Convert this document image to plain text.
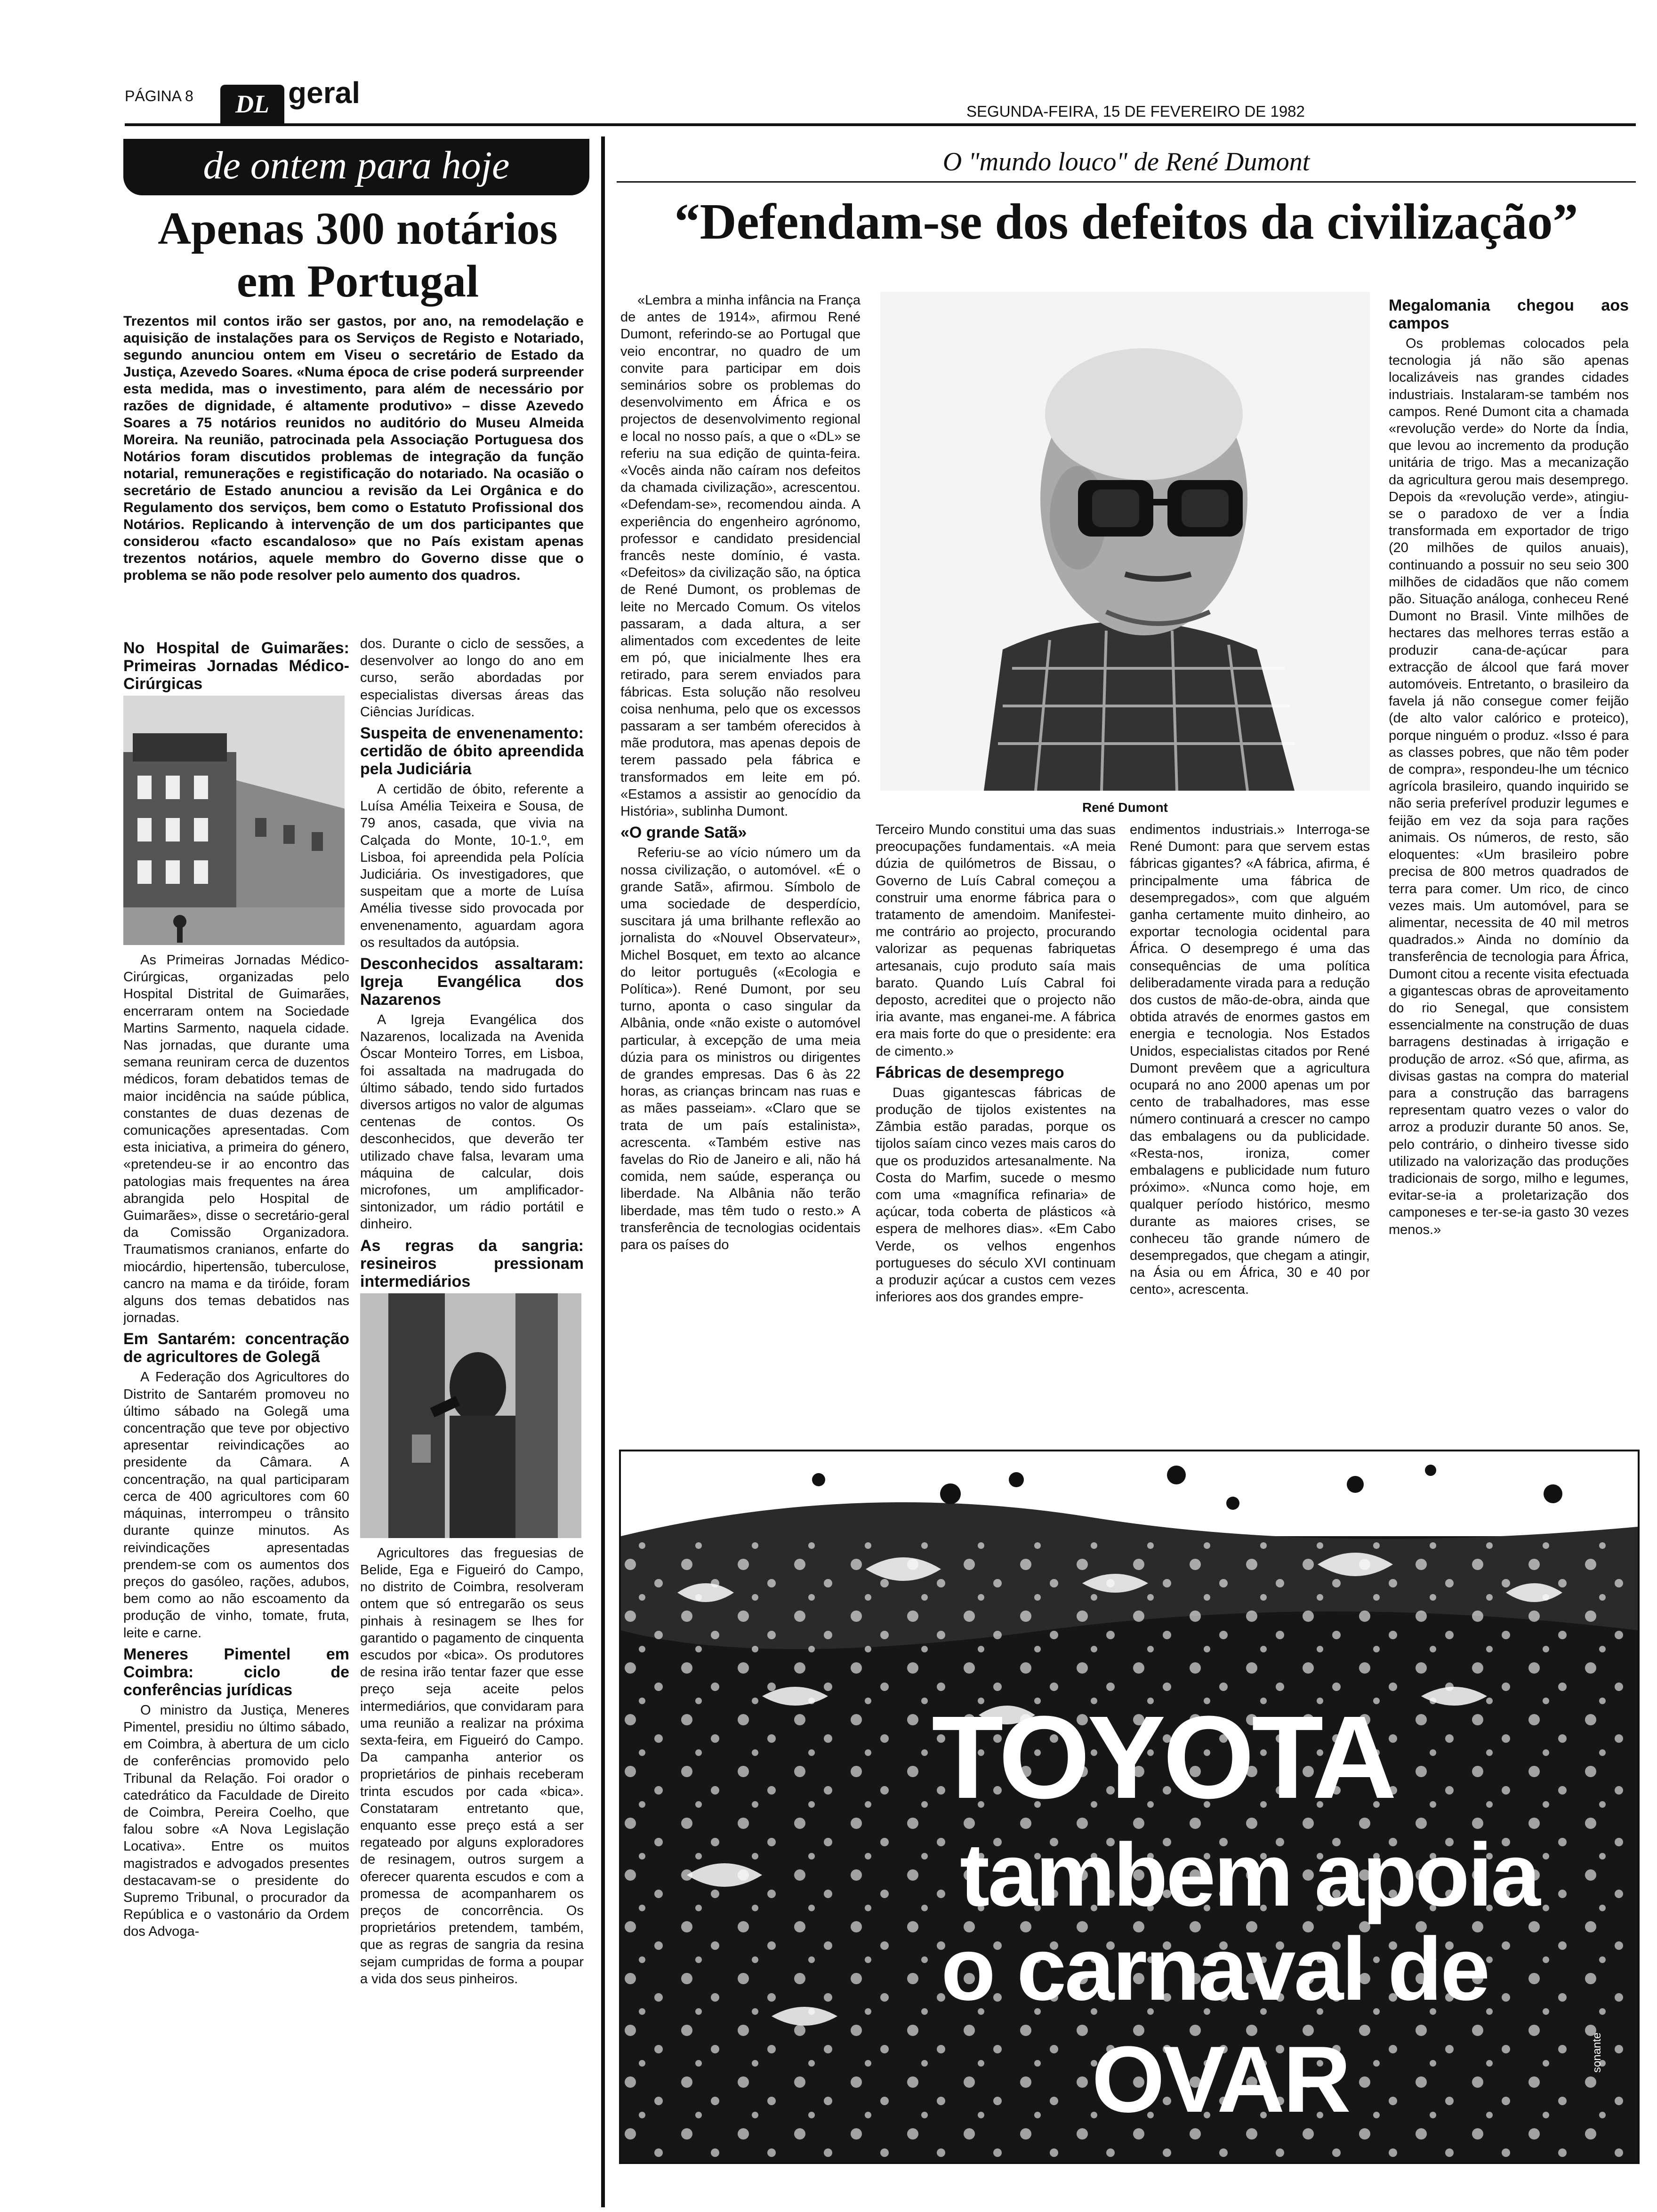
PÁGINA 8	DL geral
SEGUNDA-FEIRA, 15 DE FEVEREIRO DE 1982
de ontem para hoje
Apenas 300 notários em Portugal
Trezentos mil contos irão ser gastos, por ano, na remodelação e aquisição de instalações para os Serviços de Registo e Notariado, segundo anunciou ontem em Viseu o secretário de Estado da Justiça, Azevedo Soares. «Numa época de crise poderá surpreender esta medida, mas o investimento, para além de necessário por razões de dignidade, é altamente produtivo» – disse Azevedo Soares a 75 notários reunidos no auditório do Museu Almeida Moreira. Na reunião, patrocinada pela Associação Portuguesa dos Notários foram discutidos problemas de integração da função notarial, remunerações e registificação do notariado. Na ocasião o secretário de Estado anunciou a revisão da Lei Orgânica e do Regulamento dos serviços, bem como o Estatuto Profissional dos Notários. Replicando à intervenção de um dos participantes que considerou «facto escandaloso» que no País existam apenas trezentos notários, aquele membro do Governo disse que o problema se não pode resolver pelo aumento dos quadros.
No Hospital de Guimarães: Primeiras Jornadas Médico-Cirúrgicas

As Primeiras Jornadas Médico-Cirúrgicas, organizadas pelo Hospital Distrital de Guimarães, encerraram ontem na Sociedade Martins Sarmento, naquela cidade. Nas jornadas, que durante uma semana reuniram cerca de duzentos médicos, foram debatidos temas de maior incidência na saúde pública, constantes de duas dezenas de comunicações apresentadas. Com esta iniciativa, a primeira do género, «pretendeu-se ir ao encontro das patologias mais frequentes na área abrangida pelo Hospital de Guimarães», disse o secretário-geral da Comissão Organizadora. Traumatismos cranianos, enfarte do miocárdio, hipertensão, tuberculose, cancro na mama e da tiróide, foram alguns dos temas debatidos nas jornadas.

Em Santarém: concentração de agricultores de Golegã

A Federação dos Agricultores do Distrito de Santarém promoveu no último sábado na Golegã uma concentração que teve por objectivo apresentar reivindicações ao presidente da Câmara. A concentração, na qual participaram cerca de 400 agricultores com 60 máquinas, interrompeu o trânsito durante quinze minutos. As reivindicações apresentadas prendem-se com os aumentos dos preços do gasóleo, rações, adubos, bem como ao não escoamento da produção de vinho, tomate, fruta, leite e carne.

Meneres Pimentel em Coimbra: ciclo de conferências jurídicas

O ministro da Justiça, Meneres Pimentel, presidiu no último sábado, em Coimbra, à abertura de um ciclo de conferências promovido pelo Tribunal da Relação. Foi orador o catedrático da Faculdade de Direito de Coimbra, Pereira Coelho, que falou sobre «A Nova Legislação Locativa». Entre os muitos magistrados e advogados presentes destacavam-se o presidente do Supremo Tribunal, o procurador da República e o vastonário da Ordem dos Advoga-

dos. Durante o ciclo de sessões, a desenvolver ao longo do ano em curso, serão abordadas por especialistas diversas áreas das Ciências Jurídicas.

Suspeita de envenenamento: certidão de óbito apreendida pela Judiciária

A certidão de óbito, referente a Luísa Amélia Teixeira e Sousa, de 79 anos, casada, que vivia na Calçada do Monte, 10-1.º, em Lisboa, foi apreendida pela Polícia Judiciária. Os investigadores, que suspeitam que a morte de Luísa Amélia tivesse sido provocada por envenenamento, aguardam agora os resultados da autópsia.

Desconhecidos assaltaram: Igreja Evangélica dos Nazarenos

A Igreja Evangélica dos Nazarenos, localizada na Avenida Óscar Monteiro Torres, em Lisboa, foi assaltada na madrugada do último sábado, tendo sido furtados diversos artigos no valor de algumas centenas de contos. Os desconhecidos, que deverão ter utilizado chave falsa, levaram uma máquina de calcular, dois microfones, um amplificador-sintonizador, um rádio portátil e dinheiro.

As regras da sangria: resineiros pressionam intermediários

Agricultores das freguesias de Belide, Ega e Figueiró do Campo, no distrito de Coimbra, resolveram ontem que só entregarão os seus pinhais à resinagem se lhes for garantido o pagamento de cinquenta escudos por «bica». Os produtores de resina irão tentar fazer que esse preço seja aceite pelos intermediários, que convidaram para uma reunião a realizar na próxima sexta-feira, em Figueiró do Campo. Da campanha anterior os proprietários de pinhais receberam trinta escudos por cada «bica». Constataram entretanto que, enquanto esse preço está a ser regateado por alguns exploradores de resinagem, outros surgem a oferecer quarenta escudos e com a promessa de acompanharem os preços de concorrência. Os proprietários pretendem, também, que as regras de sangria da resina sejam cumpridas de forma a poupar a vida dos seus pinheiros.

O "mundo louco" de René Dumont
“Defendam-se dos defeitos da civilização”

«Lembra a minha infância na França de antes de 1914», afirmou René Dumont, referindo-se ao Portugal que veio encontrar, no quadro de um convite para participar em dois seminários sobre os problemas do desenvolvimento em África e os projectos de desenvolvimento regional e local no nosso país, a que o «DL» se referiu na sua edição de quinta-feira. «Vocês ainda não caíram nos defeitos da chamada civilização», acrescentou. «Defendam-se», recomendou ainda. A experiência do engenheiro agrónomo, professor e candidato presidencial francês neste domínio, é vasta. «Defeitos» da civilização são, na óptica de René Dumont, os problemas de leite no Mercado Comum. Os vitelos passaram, a dada altura, a ser alimentados com excedentes de leite em pó, que inicialmente lhes era retirado, para serem enviados para fábricas. Esta solução não resolveu coisa nenhuma, pelo que os excessos passaram a ser também oferecidos à mãe produtora, mas apenas depois de terem passado pela fábrica e transformados em leite em pó. «Estamos a assistir ao genocídio da História», sublinha Dumont.

«O grande Satã»

Referiu-se ao vício número um da nossa civilização, o automóvel. «É o grande Satã», afirmou. Símbolo de uma sociedade de desperdício, suscitara já uma brilhante reflexão ao jornalista do «Nouvel Observateur», Michel Bosquet, em texto ao alcance do leitor português («Ecologia e Política»). René Dumont, por seu turno, aponta o caso singular da Albânia, onde «não existe o automóvel particular, à excepção de uma meia dúzia para os ministros ou dirigentes de grandes empresas. Das 6 às 22 horas, as crianças brincam nas ruas e as mães passeiam». «Claro que se trata de um país estalinista», acrescenta. «Também estive nas favelas do Rio de Janeiro e ali, não há comida, nem saúde, esperança ou liberdade. Na Albânia não terão liberdade, mas têm tudo o resto.» A transferência de tecnologias ocidentais para os países do

René Dumont

Terceiro Mundo constitui uma das suas preocupações fundamentais. «A meia dúzia de quilómetros de Bissau, o Governo de Luís Cabral começou a construir uma enorme fábrica para o tratamento de amendoim. Manifestei-me contrário ao projecto, procurando valorizar as pequenas fabriquetas artesanais, cujo produto saía mais barato. Quando Luís Cabral foi deposto, acreditei que o projecto não iria avante, mas enganei-me. A fábrica era mais forte do que o presidente: era de cimento.»

Fábricas de desemprego

Duas gigantescas fábricas de produção de tijolos existentes na Zâmbia estão paradas, porque os tijolos saíam cinco vezes mais caros do que os produzidos artesanalmente. Na Costa do Marfim, sucede o mesmo com uma «magnífica refinaria» de açúcar, toda coberta de plásticos «à espera de melhores dias». «Em Cabo Verde, os velhos engenhos portugueses do século XVI continuam a produzir açúcar a custos cem vezes inferiores aos dos grandes empre-

endimentos industriais.» Interroga-se René Dumont: para que servem estas fábricas gigantes? «A fábrica, afirma, é principalmente uma fábrica de desempregados», com que alguém ganha certamente muito dinheiro, ao exportar tecnologia ocidental para África. O desemprego é uma das consequências de uma política deliberadamente virada para a redução dos custos de mão-de-obra, ainda que obtida através de enormes gastos em energia e tecnologia. Nos Estados Unidos, especialistas citados por René Dumont prevêem que a agricultura ocupará no ano 2000 apenas um por cento de trabalhadores, mas esse número continuará a crescer no campo das embalagens ou da publicidade. «Resta-nos, ironiza, comer embalagens e publicidade num futuro próximo». «Nunca como hoje, em qualquer período histórico, mesmo durante as maiores crises, se conheceu tão grande número de desempregados, que chegam a atingir, na Ásia ou em África, 30 e 40 por cento», acrescenta.

Megalomania chegou aos campos

Os problemas colocados pela tecnologia já não são apenas localizáveis nas grandes cidades industriais. Instalaram-se também nos campos. René Dumont cita a chamada «revolução verde» do Norte da Índia, que levou ao incremento da produção unitária de trigo. Mas a mecanização da agricultura gerou mais desemprego. Depois da «revolução verde», atingiu-se o paradoxo de ver a Índia transformada em exportador de trigo (20 milhões de quilos anuais), continuando a possuir no seu seio 300 milhões de cidadãos que não comem pão. Situação análoga, conheceu René Dumont no Brasil. Vinte milhões de hectares das melhores terras estão a produzir cana-de-açúcar para extracção de álcool que fará mover automóveis. Entretanto, o brasileiro da favela já não consegue comer feijão (de alto valor calórico e proteico), porque ninguém o produz. «Isso é para as classes pobres, que não têm poder de compra», respondeu-lhe um técnico agrícola brasileiro, quando inquirido se não seria preferível produzir legumes e feijão em vez da soja para rações animais. Os números, de resto, são eloquentes: «Um brasileiro pobre precisa de 800 metros quadrados de terra para comer. Um rico, de cinco vezes mais. Um automóvel, para se alimentar, necessita de 40 mil metros quadrados.» Ainda no domínio da transferência de tecnologia para África, Dumont citou a recente visita efectuada a gigantescas obras de aproveitamento do rio Senegal, que consistem essencialmente na construção de duas barragens destinadas à irrigação e produção de arroz. «Só que, afirma, as divisas gastas na compra do material para a construção das barragens representam quatro vezes o valor do arroz a produzir durante 50 anos. Se, pelo contrário, o dinheiro tivesse sido utilizado na valorização das produções tradicionais de sorgo, milho e legumes, evitar-se-ia a proletarização dos camponeses e ter-se-ia gasto 30 vezes menos.»

TOYOTA
tambem apoia
o carnaval de
OVAR	sonante
